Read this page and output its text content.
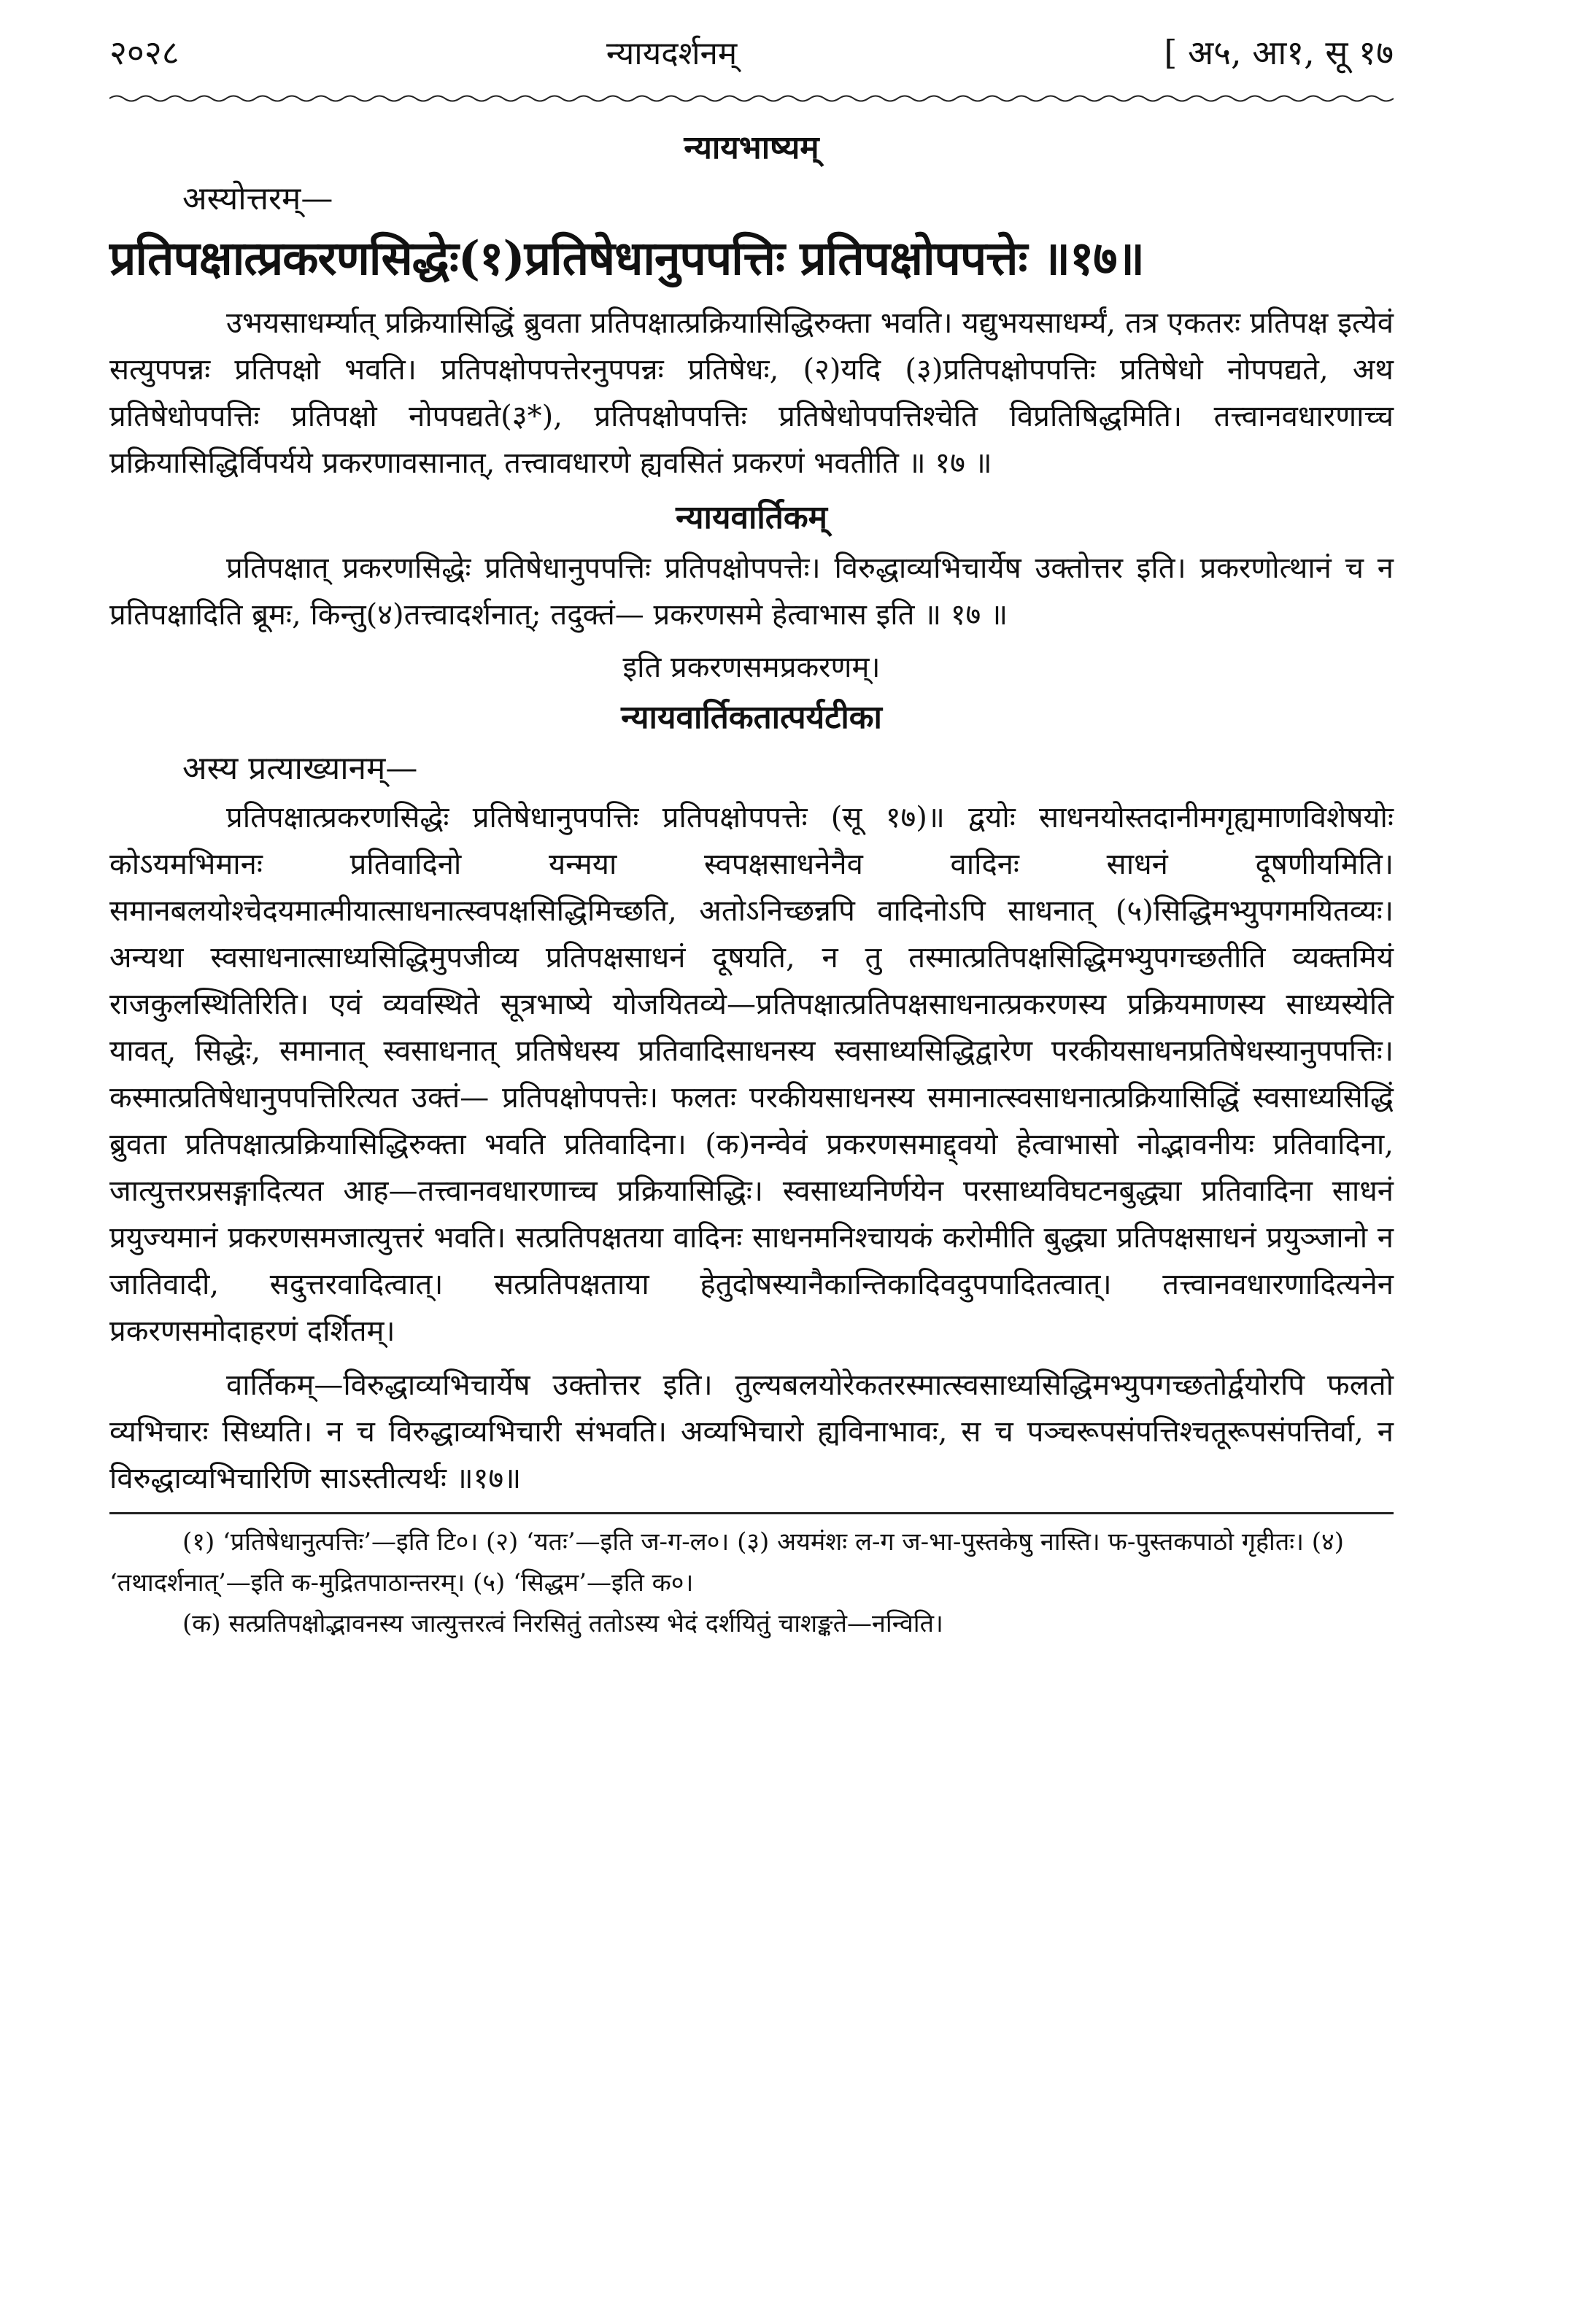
२०२८	न्यायदर्शनम्	[ अ५, आ१, सू १७
न्यायभाष्यम्
अस्योत्तरम्—
प्रतिपक्षात्प्रकरणसिद्धेः(१)प्रतिषेधानुपपत्तिः प्रतिपक्षोपपत्तेः ॥१७॥

उभयसाधर्म्यात् प्रक्रियासिद्धिं ब्रुवता प्रतिपक्षात्प्रक्रियासिद्धिरुक्ता भवति। यद्युभयसाधर्म्यं, तत्र एकतरः प्रतिपक्ष इत्येवं सत्युपपन्नः प्रतिपक्षो भवति। प्रतिपक्षोपपत्तेरनुपपन्नः प्रतिषेधः, (२)यदि (३)प्रतिपक्षोपपत्तिः प्रतिषेधो नोपपद्यते, अथ प्रतिषेधोपपत्तिः प्रतिपक्षो नोपपद्यते(३*), प्रतिपक्षोपपत्तिः प्रतिषेधोपपत्तिश्चेति विप्रतिषिद्धमिति। तत्त्वानवधारणाच्च प्रक्रियासिद्धिर्विपर्यये प्रकरणावसानात्, तत्त्वावधारणे ह्यवसितं प्रकरणं भवतीति ॥ १७ ॥

न्यायवार्तिकम्

प्रतिपक्षात् प्रकरणसिद्धेः प्रतिषेधानुपपत्तिः प्रतिपक्षोपपत्तेः। विरुद्धाव्यभिचार्येष उक्तोत्तर इति। प्रकरणोत्थानं च न प्रतिपक्षादिति ब्रूमः, किन्तु(४)तत्त्वादर्शनात्; तदुक्तं— प्रकरणसमे हेत्वाभास इति ॥ १७ ॥

इति प्रकरणसमप्रकरणम्।
न्यायवार्तिकतात्पर्यटीका
अस्य प्रत्याख्यानम्—

प्रतिपक्षात्प्रकरणसिद्धेः प्रतिषेधानुपपत्तिः प्रतिपक्षोपपत्तेः (सू १७)॥ द्वयोः साधनयोस्तदानीमगृह्यमाणविशेषयोः कोऽयमभिमानः प्रतिवादिनो यन्मया स्वपक्षसाधनेनैव वादिनः साधनं दूषणीयमिति। समानबलयोश्चेदयमात्मीयात्साधनात्स्वपक्षसिद्धिमिच्छति, अतोऽनिच्छन्नपि वादिनोऽपि साधनात् (५)सिद्धिमभ्युपगमयितव्यः। अन्यथा स्वसाधनात्साध्यसिद्धिमुपजीव्य प्रतिपक्षसाधनं दूषयति, न तु तस्मात्प्रतिपक्षसिद्धिमभ्युपगच्छतीति व्यक्तमियं राजकुलस्थितिरिति। एवं व्यवस्थिते सूत्रभाष्ये योजयितव्ये—प्रतिपक्षात्प्रतिपक्षसाधनात्प्रकरणस्य प्रक्रियमाणस्य साध्यस्येति यावत्, सिद्धेः, समानात् स्वसाधनात् प्रतिषेधस्य प्रतिवादिसाधनस्य स्वसाध्यसिद्धिद्वारेण परकीयसाधनप्रतिषेधस्यानुपपत्तिः। कस्मात्प्रतिषेधानुपपत्तिरित्यत उक्तं— प्रतिपक्षोपपत्तेः। फलतः परकीयसाधनस्य समानात्स्वसाधनात्प्रक्रियासिद्धिं स्वसाध्यसिद्धिं ब्रुवता प्रतिपक्षात्प्रक्रियासिद्धिरुक्ता भवति प्रतिवादिना। (क)नन्वेवं प्रकरणसमाद्द्वयो हेत्वाभासो नोद्भावनीयः प्रतिवादिना, जात्युत्तरप्रसङ्गादित्यत आह—तत्त्वानवधारणाच्च प्रक्रियासिद्धिः। स्वसाध्यनिर्णयेन परसाध्यविघटनबुद्ध्या प्रतिवादिना साधनं प्रयुज्यमानं प्रकरणसमजात्युत्तरं भवति। सत्प्रतिपक्षतया वादिनः साधनमनिश्चायकं करोमीति बुद्ध्या प्रतिपक्षसाधनं प्रयुञ्जानो न जातिवादी, सदुत्तरवादित्वात्। सत्प्रतिपक्षताया हेतुदोषस्यानैकान्तिकादिवदुपपादितत्वात्। तत्त्वानवधारणादित्यनेन प्रकरणसमोदाहरणं दर्शितम्।

वार्तिकम्—विरुद्धाव्यभिचार्येष उक्तोत्तर इति। तुल्यबलयोरेकतरस्मात्स्वसाध्यसिद्धिमभ्युपगच्छतोर्द्वयोरपि फलतो व्यभिचारः सिध्यति। न च विरुद्धाव्यभिचारी संभवति। अव्यभिचारो ह्यविनाभावः, स च पञ्चरूपसंपत्तिश्चतूरूपसंपत्तिर्वा, न विरुद्धाव्यभिचारिणि साऽस्तीत्यर्थः ॥१७॥

(१) ‘प्रतिषेधानुत्पत्तिः’—इति टि०। (२) ‘यतः’—इति ज-ग-ल०। (३) अयमंशः ल-ग ज-भा-पुस्तकेषु नास्ति। फ-पुस्तकपाठो गृहीतः। (४) ‘तथादर्शनात्’—इति क-मुद्रितपाठान्तरम्। (५) ‘सिद्धम’—इति क०।

(क) सत्प्रतिपक्षोद्भावनस्य जात्युत्तरत्वं निरसितुं ततोऽस्य भेदं दर्शयितुं चाशङ्कते—नन्विति।
